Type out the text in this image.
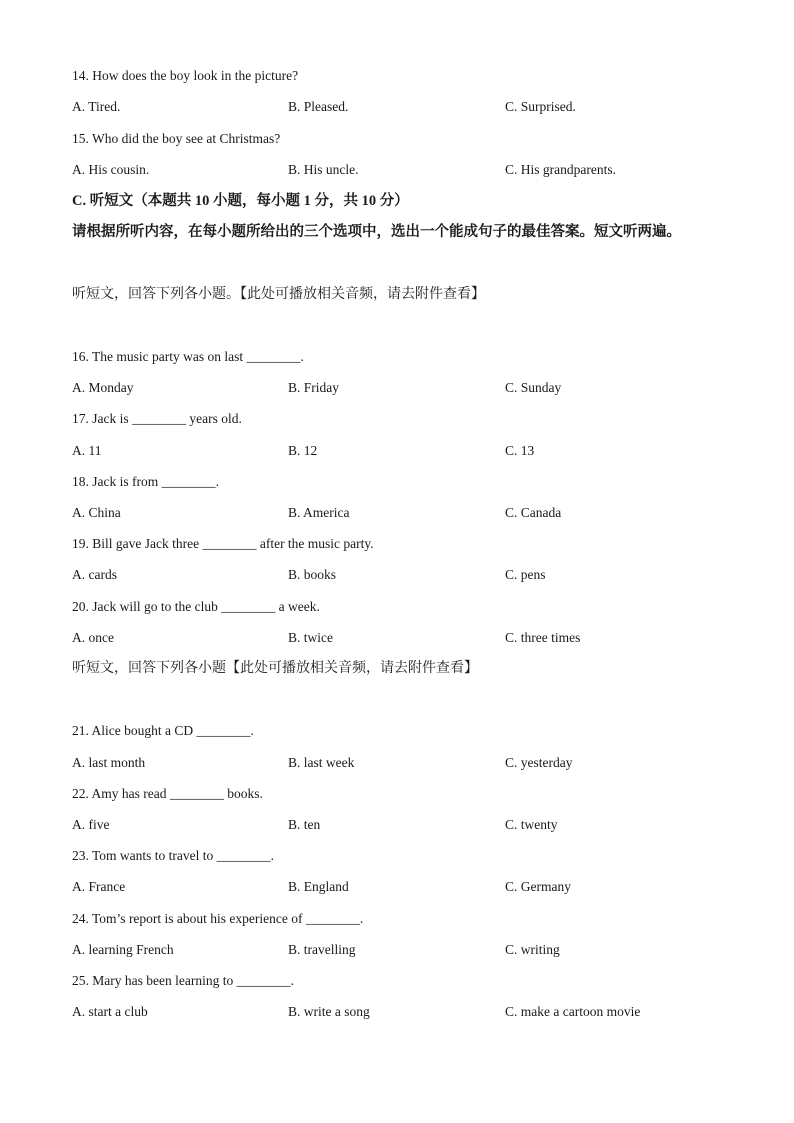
14. How does the boy look in the picture?
A. Tired.	B. Pleased.	C. Surprised.
15. Who did the boy see at Christmas?
A. His cousin.	B. His uncle.	C. His grandparents.
C. 听短文（本题共 10 小题，每小题 1 分，共 10 分）
请根据所听内容，在每小题所给出的三个选项中，选出一个能成句子的最佳答案。短文听两遍。
听短文，回答下列各小题。【此处可播放相关音频，请去附件查看】
16. The music party was on last ________.
A. Monday	B. Friday	C. Sunday
17. Jack is ________ years old.
A. 11	B. 12	C. 13
18. Jack is from ________.
A. China	B. America	C. Canada
19. Bill gave Jack three ________ after the music party.
A. cards	B. books	C. pens
20. Jack will go to the club ________ a week.
A. once	B. twice	C. three times
听短文，回答下列各小题【此处可播放相关音频，请去附件查看】
21. Alice bought a CD ________.
A. last month	B. last week	C. yesterday
22. Amy has read ________ books.
A. five	B. ten	C. twenty
23. Tom wants to travel to ________.
A. France	B. England	C. Germany
24. Tom’s report is about his experience of ________.
A. learning French	B. travelling	C. writing
25. Mary has been learning to ________.
A. start a club	B. write a song	C. make a cartoon movie
